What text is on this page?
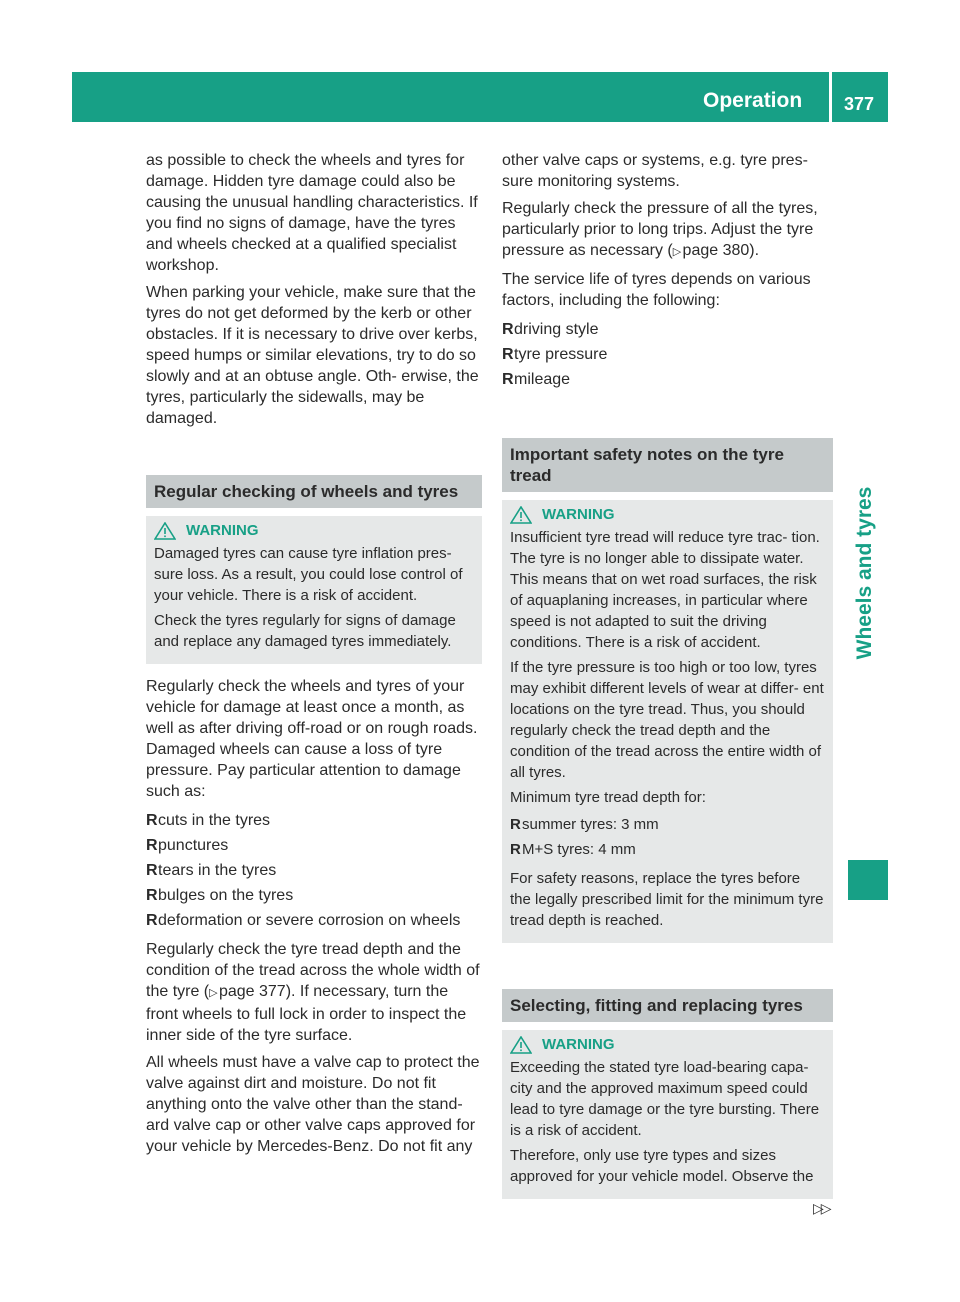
Operation 377
Wheels and tyres

as possible to check the wheels and tyres for damage. Hidden tyre damage could also be causing the unusual handling characteristics. If you find no signs of damage, have the tyres and wheels checked at a qualified specialist workshop.

When parking your vehicle, make sure that the tyres do not get deformed by the kerb or other obstacles. If it is necessary to drive over kerbs, speed humps or similar elevations, try to do so slowly and at an obtuse angle. Oth- erwise, the tyres, particularly the sidewalls, may be damaged.

Regular checking of wheels and tyres
WARNING

Damaged tyres can cause tyre inflation pres- sure loss. As a result, you could lose control of your vehicle. There is a risk of accident.

Check the tyres regularly for signs of damage and replace any damaged tyres immediately.

Regularly check the wheels and tyres of your vehicle for damage at least once a month, as well as after driving off-road or on rough roads. Damaged wheels can cause a loss of tyre pressure. Pay particular attention to damage such as:

R cuts in the tyres
R punctures
R tears in the tyres
R bulges on the tyres
R deformation or severe corrosion on wheels

Regularly check the tyre tread depth and the condition of the tread across the whole width of the tyre (▷ page 377). If necessary, turn the front wheels to full lock in order to inspect the inner side of the tyre surface.

All wheels must have a valve cap to protect the valve against dirt and moisture. Do not fit anything onto the valve other than the stand- ard valve cap or other valve caps approved for your vehicle by Mercedes-Benz. Do not fit any

other valve caps or systems, e.g. tyre pres- sure monitoring systems.

Regularly check the pressure of all the tyres, particularly prior to long trips. Adjust the tyre pressure as necessary (▷ page 380).

The service life of tyres depends on various factors, including the following:

R driving style
R tyre pressure
R mileage
Important safety notes on the tyre tread
WARNING

Insufficient tyre tread will reduce tyre trac- tion. The tyre is no longer able to dissipate water. This means that on wet road surfaces, the risk of aquaplaning increases, in particular where speed is not adapted to suit the driving conditions. There is a risk of accident.

If the tyre pressure is too high or too low, tyres may exhibit different levels of wear at differ- ent locations on the tyre tread. Thus, you should regularly check the tread depth and the condition of the tread across the entire width of all tyres.

Minimum tyre tread depth for:

R summer tyres: 3 mm
R M+S tyres: 4 mm

For safety reasons, replace the tyres before the legally prescribed limit for the minimum tyre tread depth is reached.

Selecting, fitting and replacing tyres
WARNING

Exceeding the stated tyre load-bearing capa- city and the approved maximum speed could lead to tyre damage or the tyre bursting. There is a risk of accident.

Therefore, only use tyre types and sizes approved for your vehicle model. Observe the

▷▷
